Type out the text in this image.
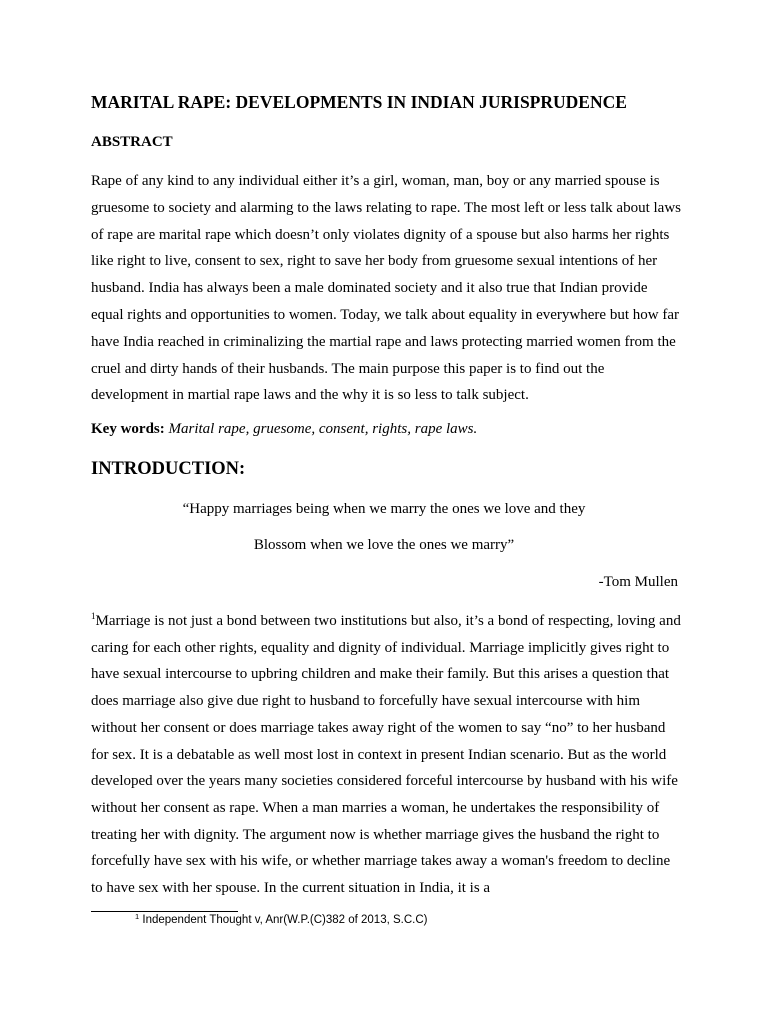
MARITAL RAPE: DEVELOPMENTS IN INDIAN JURISPRUDENCE
ABSTRACT

Rape of any kind to any individual either it’s a girl, woman, man, boy or any married spouse is gruesome to society and alarming to the laws relating to rape. The most left or less talk about laws of rape are marital rape which doesn’t only violates dignity of a spouse but also harms her rights like right to live, consent to sex, right to save her body from gruesome sexual intentions of her husband. India has always been a male dominated society and it also true that Indian provide equal rights and opportunities to women. Today, we talk about equality in everywhere but how far have India reached in criminalizing the martial rape and laws protecting married women from the cruel and dirty hands of their husbands. The main purpose this paper is to find out the development in martial rape laws and the why it is so less to talk subject.

Key words: Marital rape, gruesome, consent, rights, rape laws.
INTRODUCTION:
“Happy marriages being when we marry the ones we love and they
Blossom when we love the ones we marry”
-Tom Mullen

$^1$Marriage is not just a bond between two institutions but also, it’s a bond of respecting, loving and caring for each other rights, equality and dignity of individual. Marriage implicitly gives right to have sexual intercourse to upbring children and make their family. But this arises a question that does marriage also give due right to husband to forcefully have sexual intercourse with him without her consent or does marriage takes away right of the women to say “no” to her husband for sex. It is a debatable as well most lost in context in present Indian scenario. But as the world developed over the years many societies considered forceful intercourse by husband with his wife without her consent as rape. When a man marries a woman, he undertakes the responsibility of treating her with dignity. The argument now is whether marriage gives the husband the right to forcefully have sex with his wife, or whether marriage takes away a woman's freedom to decline to have sex with her spouse. In the current situation in India, it is a

$^1$ Independent Thought v, Anr(W.P.(C)382 of 2013, S.C.C)
